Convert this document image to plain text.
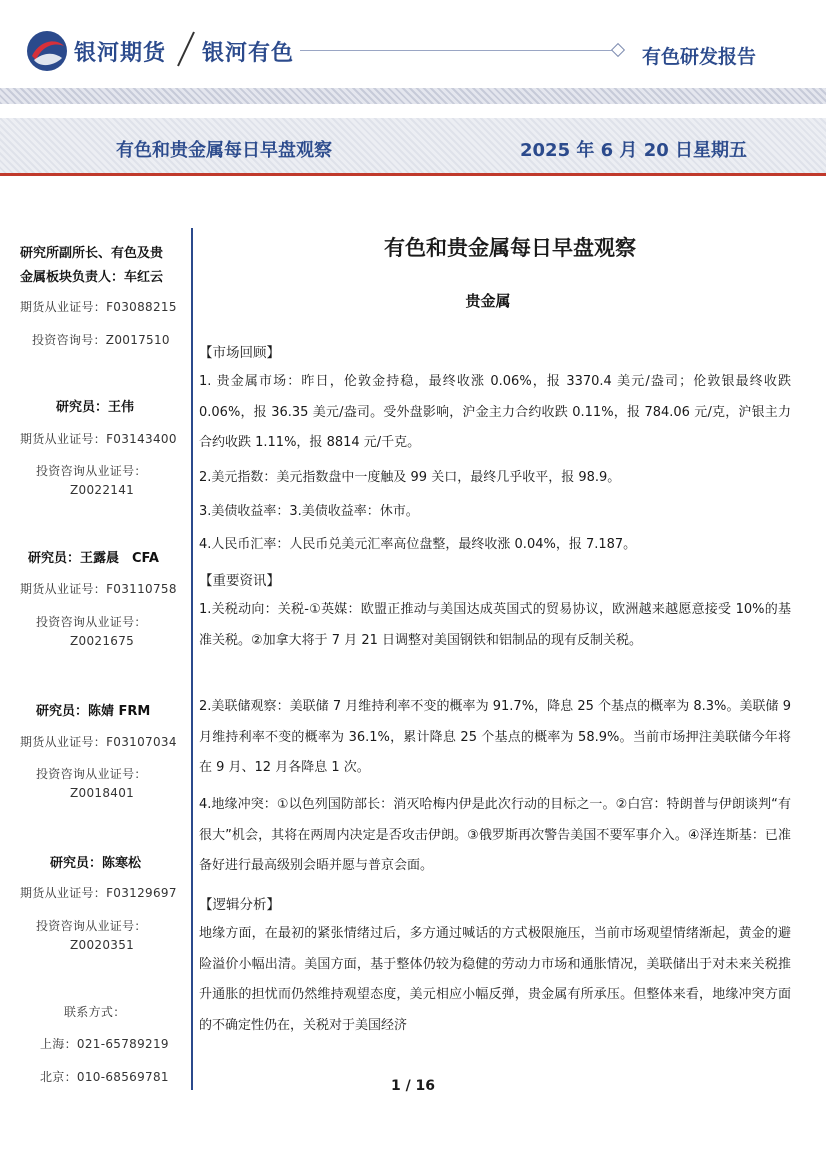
银河期货 银河有色	有色研发报告
有色和贵金属每日早盘观察	2025 年 6 月 20 日星期五
研究所副所长、有色及贵
金属板块负责人：车红云
期货从业证号：F03088215
投资咨询号：Z0017510
研究员：王伟
期货从业证号：F03143400
投资咨询从业证号：
Z0022141
研究员：王露晨　CFA
期货从业证号：F03110758
投资咨询从业证号：
Z0021675
研究员：陈婧 FRM
期货从业证号：F03107034
投资咨询从业证号：
Z0018401
研究员：陈寒松
期货从业证号：F03129697
投资咨询从业证号：
Z0020351
联系方式：
上海：021-65789219
北京：010-68569781
有色和贵金属每日早盘观察
贵金属
【市场回顾】
1. 贵金属市场：昨日，伦敦金持稳，最终收涨 0.06%，报 3370.4 美元/盎司；伦敦银最终收跌 0.06%，报 36.35 美元/盎司。受外盘影响，沪金主力合约收跌 0.11%，报 784.06 元/克，沪银主力合约收跌 1.11%，报 8814 元/千克。
2.美元指数：美元指数盘中一度触及 99 关口，最终几乎收平，报 98.9。
3.美债收益率：3.美债收益率：休市。
4.人民币汇率：人民币兑美元汇率高位盘整，最终收涨 0.04%，报 7.187。
【重要资讯】
1.关税动向：关税-①英媒：欧盟正推动与美国达成英国式的贸易协议，欧洲越来越愿意接受 10%的基准关税。②加拿大将于 7 月 21 日调整对美国钢铁和铝制品的现有反制关税。
2.美联储观察：美联储 7 月维持利率不变的概率为 91.7%，降息 25 个基点的概率为 8.3%。美联储 9 月维持利率不变的概率为 36.1%，累计降息 25 个基点的概率为 58.9%。当前市场押注美联储今年将在 9 月、12 月各降息 1 次。
4.地缘冲突：①以色列国防部长：消灭哈梅内伊是此次行动的目标之一。②白宫：特朗普与伊朗谈判“有很大”机会，其将在两周内决定是否攻击伊朗。③俄罗斯再次警告美国不要军事介入。④泽连斯基：已准备好进行最高级别会晤并愿与普京会面。
【逻辑分析】
地缘方面，在最初的紧张情绪过后，多方通过喊话的方式极限施压，当前市场观望情绪渐起，黄金的避险溢价小幅出清。美国方面，基于整体仍较为稳健的劳动力市场和通胀情况，美联储出于对未来关税推升通胀的担忧而仍然维持观望态度，美元相应小幅反弹，贵金属有所承压。但整体来看，地缘冲突方面的不确定性仍在，关税对于美国经济
1 / 16
